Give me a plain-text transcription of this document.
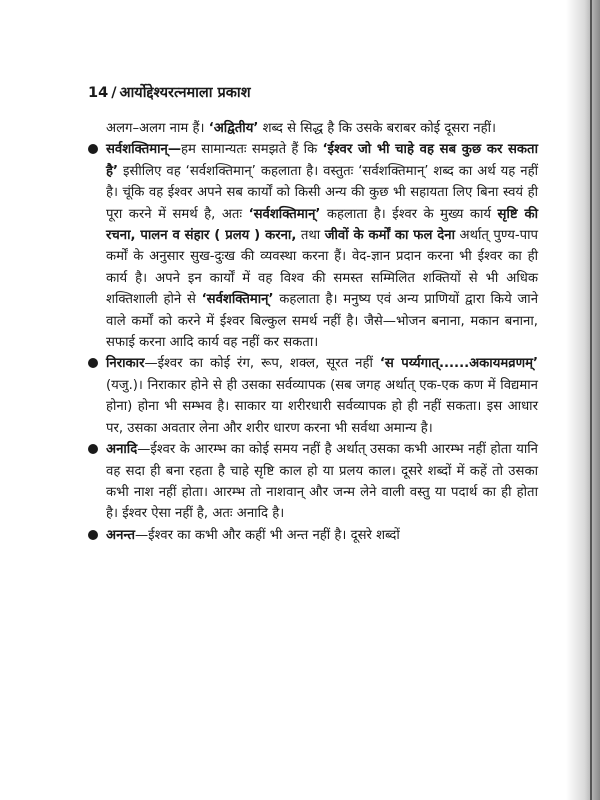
14 / आर्योद्देश्यरत्नमाला प्रकाश

अलग–अलग नाम हैं। ‘अद्वितीय’ शब्द से सिद्ध है कि उसके बराबर कोई दूसरा नहीं।

सर्वशक्तिमान्—हम सामान्यतः समझते हैं कि ‘ईश्वर जो भी चाहे वह सब कुछ कर सकता है’ इसीलिए वह ‘सर्वशक्तिमान्’ कहलाता है। वस्तुतः ‘सर्वशक्तिमान्’ शब्द का अर्थ यह नहीं है। चूंकि वह ईश्वर अपने सब कार्यों को किसी अन्य की कुछ भी सहायता लिए बिना स्वयं ही पूरा करने में समर्थ है, अतः ‘सर्वशक्तिमान्’ कहलाता है। ईश्वर के मुख्य कार्य सृष्टि की रचना, पालन व संहार ( प्रलय ) करना, तथा जीवों के कर्मों का फल देना अर्थात् पुण्य-पाप कर्मों के अनुसार सुख-दुःख की व्यवस्था करना हैं। वेद-ज्ञान प्रदान करना भी ईश्वर का ही कार्य है। अपने इन कार्यों में वह विश्व की समस्त सम्मिलित शक्तियों से भी अधिक शक्तिशाली होने से ‘सर्वशक्तिमान्’ कहलाता है। मनुष्य एवं अन्य प्राणियों द्वारा किये जाने वाले कर्मों को करने में ईश्वर बिल्कुल समर्थ नहीं है। जैसे—भोजन बनाना, मकान बनाना, सफाई करना आदि कार्य वह नहीं कर सकता।

निराकार—ईश्वर का कोई रंग, रूप, शक्ल, सूरत नहीं ‘स पर्य्यगात्......अकायमव्रणम्’ (यजु.)। निराकार होने से ही उसका सर्वव्यापक (सब जगह अर्थात् एक-एक कण में विद्यमान होना) होना भी सम्भव है। साकार या शरीरधारी सर्वव्यापक हो ही नहीं सकता। इस आधार पर, उसका अवतार लेना और शरीर धारण करना भी सर्वथा अमान्य है।

अनादि—ईश्वर के आरम्भ का कोई समय नहीं है अर्थात् उसका कभी आरम्भ नहीं होता यानि वह सदा ही बना रहता है चाहे सृष्टि काल हो या प्रलय काल। दूसरे शब्दों में कहें तो उसका कभी नाश नहीं होता। आरम्भ तो नाशवान् और जन्म लेने वाली वस्तु या पदार्थ का ही होता है। ईश्वर ऐसा नहीं है, अतः अनादि है।

अनन्त—ईश्वर का कभी और कहीं भी अन्त नहीं है। दूसरे शब्दों
